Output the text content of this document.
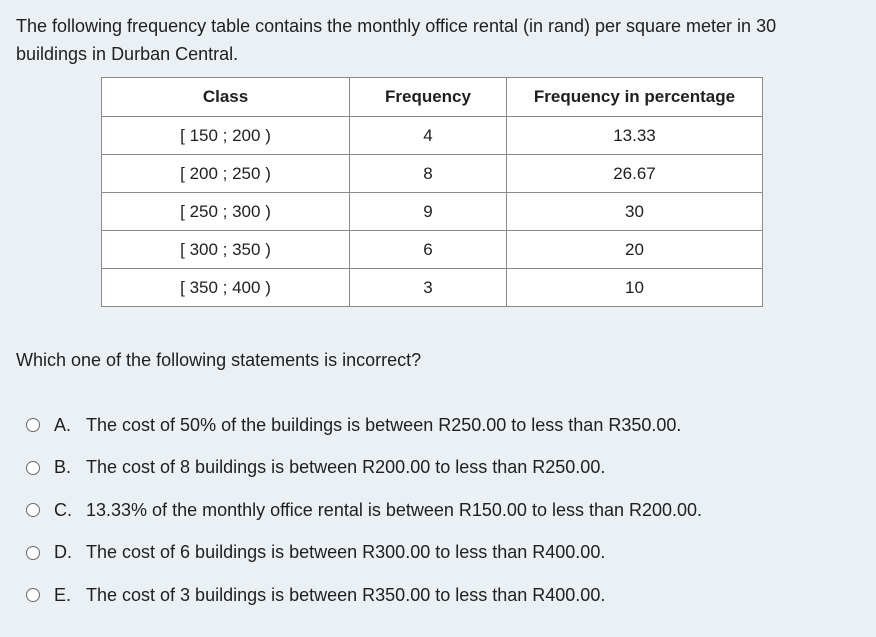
The following frequency table contains the monthly office rental (in rand) per square meter in 30 buildings in Durban Central.
Class	Frequency	Frequency in percentage
[ 150 ; 200 )	4	13.33
[ 200 ; 250 )	8	26.67
[ 250 ; 300 )	9	30
[ 300 ; 350 )	6	20
[ 350 ; 400 )	3	10
Which one of the following statements is incorrect?
A. The cost of 50% of the buildings is between R250.00 to less than R350.00.
B. The cost of 8 buildings is between R200.00 to less than R250.00.
C. 13.33% of the monthly office rental is between R150.00 to less than R200.00.
D. The cost of 6 buildings is between R300.00 to less than R400.00.
E. The cost of 3 buildings is between R350.00 to less than R400.00.
